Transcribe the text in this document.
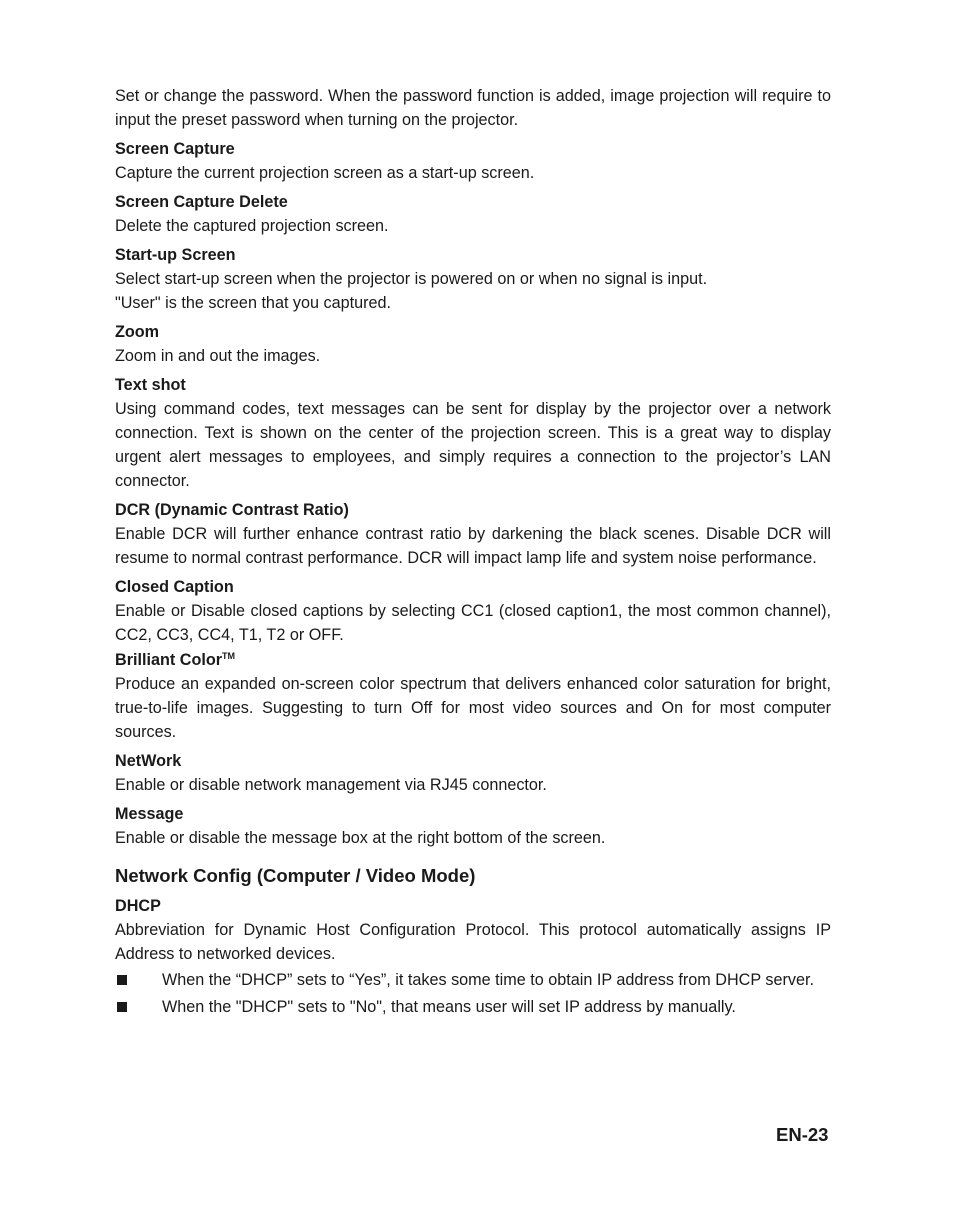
Set or change the password. When the password function is added, image projection will require to input the preset password when turning on the projector.

Screen Capture

Capture the current projection screen as a start-up screen.

Screen Capture Delete

Delete the captured projection screen.

Start-up Screen

Select start-up screen when the projector is powered on or when no signal is input.

"User" is the screen that you captured.

Zoom

Zoom in and out the images.

Text shot

Using command codes, text messages can be sent for display by the projector over a network connection. Text is shown on the center of the projection screen. This is a great way to display urgent alert messages to employees, and simply requires a connection to the projector’s LAN connector.

DCR (Dynamic Contrast Ratio)

Enable DCR will further enhance contrast ratio by darkening the black scenes. Disable DCR will resume to normal contrast performance. DCR will impact lamp life and system noise performance.

Closed Caption

Enable or Disable closed captions by selecting CC1 (closed caption1, the most common channel), CC2, CC3, CC4, T1, T2 or OFF.

Brilliant Color™

Produce an expanded on-screen color spectrum that delivers enhanced color saturation for bright, true-to-life images. Suggesting to turn Off for most video sources and On for most computer sources.

NetWork

Enable or disable network management via RJ45 connector.

Message

Enable or disable the message box at the right bottom of the screen.

Network Config (Computer / Video Mode)
DHCP

Abbreviation for Dynamic Host Configuration Protocol. This protocol automatically assigns IP Address to networked devices.

When the “DHCP” sets to “Yes”, it takes some time to obtain IP address from DHCP server.
When the "DHCP" sets to "No", that means user will set IP address by manually.
EN-23
